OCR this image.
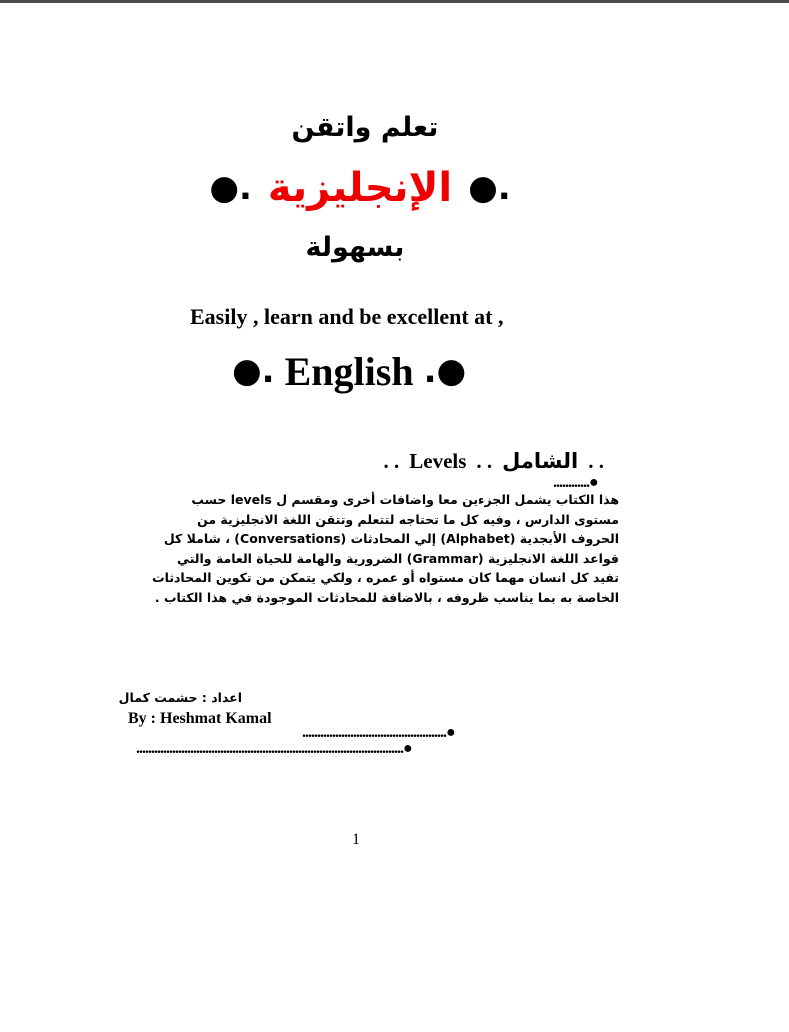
تعلم واتقن
●. الإنجليزية ●.
بسهولة
Easily , learn and be excellent at ,
●. English .●
. . Levels . . الشامل . .
............●
هذا الكتاب يشمل الجزءين معا واضافات أخرى ومقسم ل levels حسب مستوى الدارس ، وفيه كل ما تحتاجه لتتعلم وتتقن اللغة الانجليزية من الحروف الأبجدية (Alphabet) إلي المحادثات (Conversations) ، شاملا كل قواعد اللغة الانجليزية (Grammar) الضرورية والهامة للحياة العامة والتي تفيد كل انسان مهما كان مستواه أو عمره ، ولكي يتمكن من تكوين المحادثات الخاصة به بما يناسب ظروفه ، بالاضافة للمحادثات الموجودة في هذا الكتاب .
اعداد : حشمت كمال
By : Heshmat Kamal
................................................●
.........................................................................................●
1
